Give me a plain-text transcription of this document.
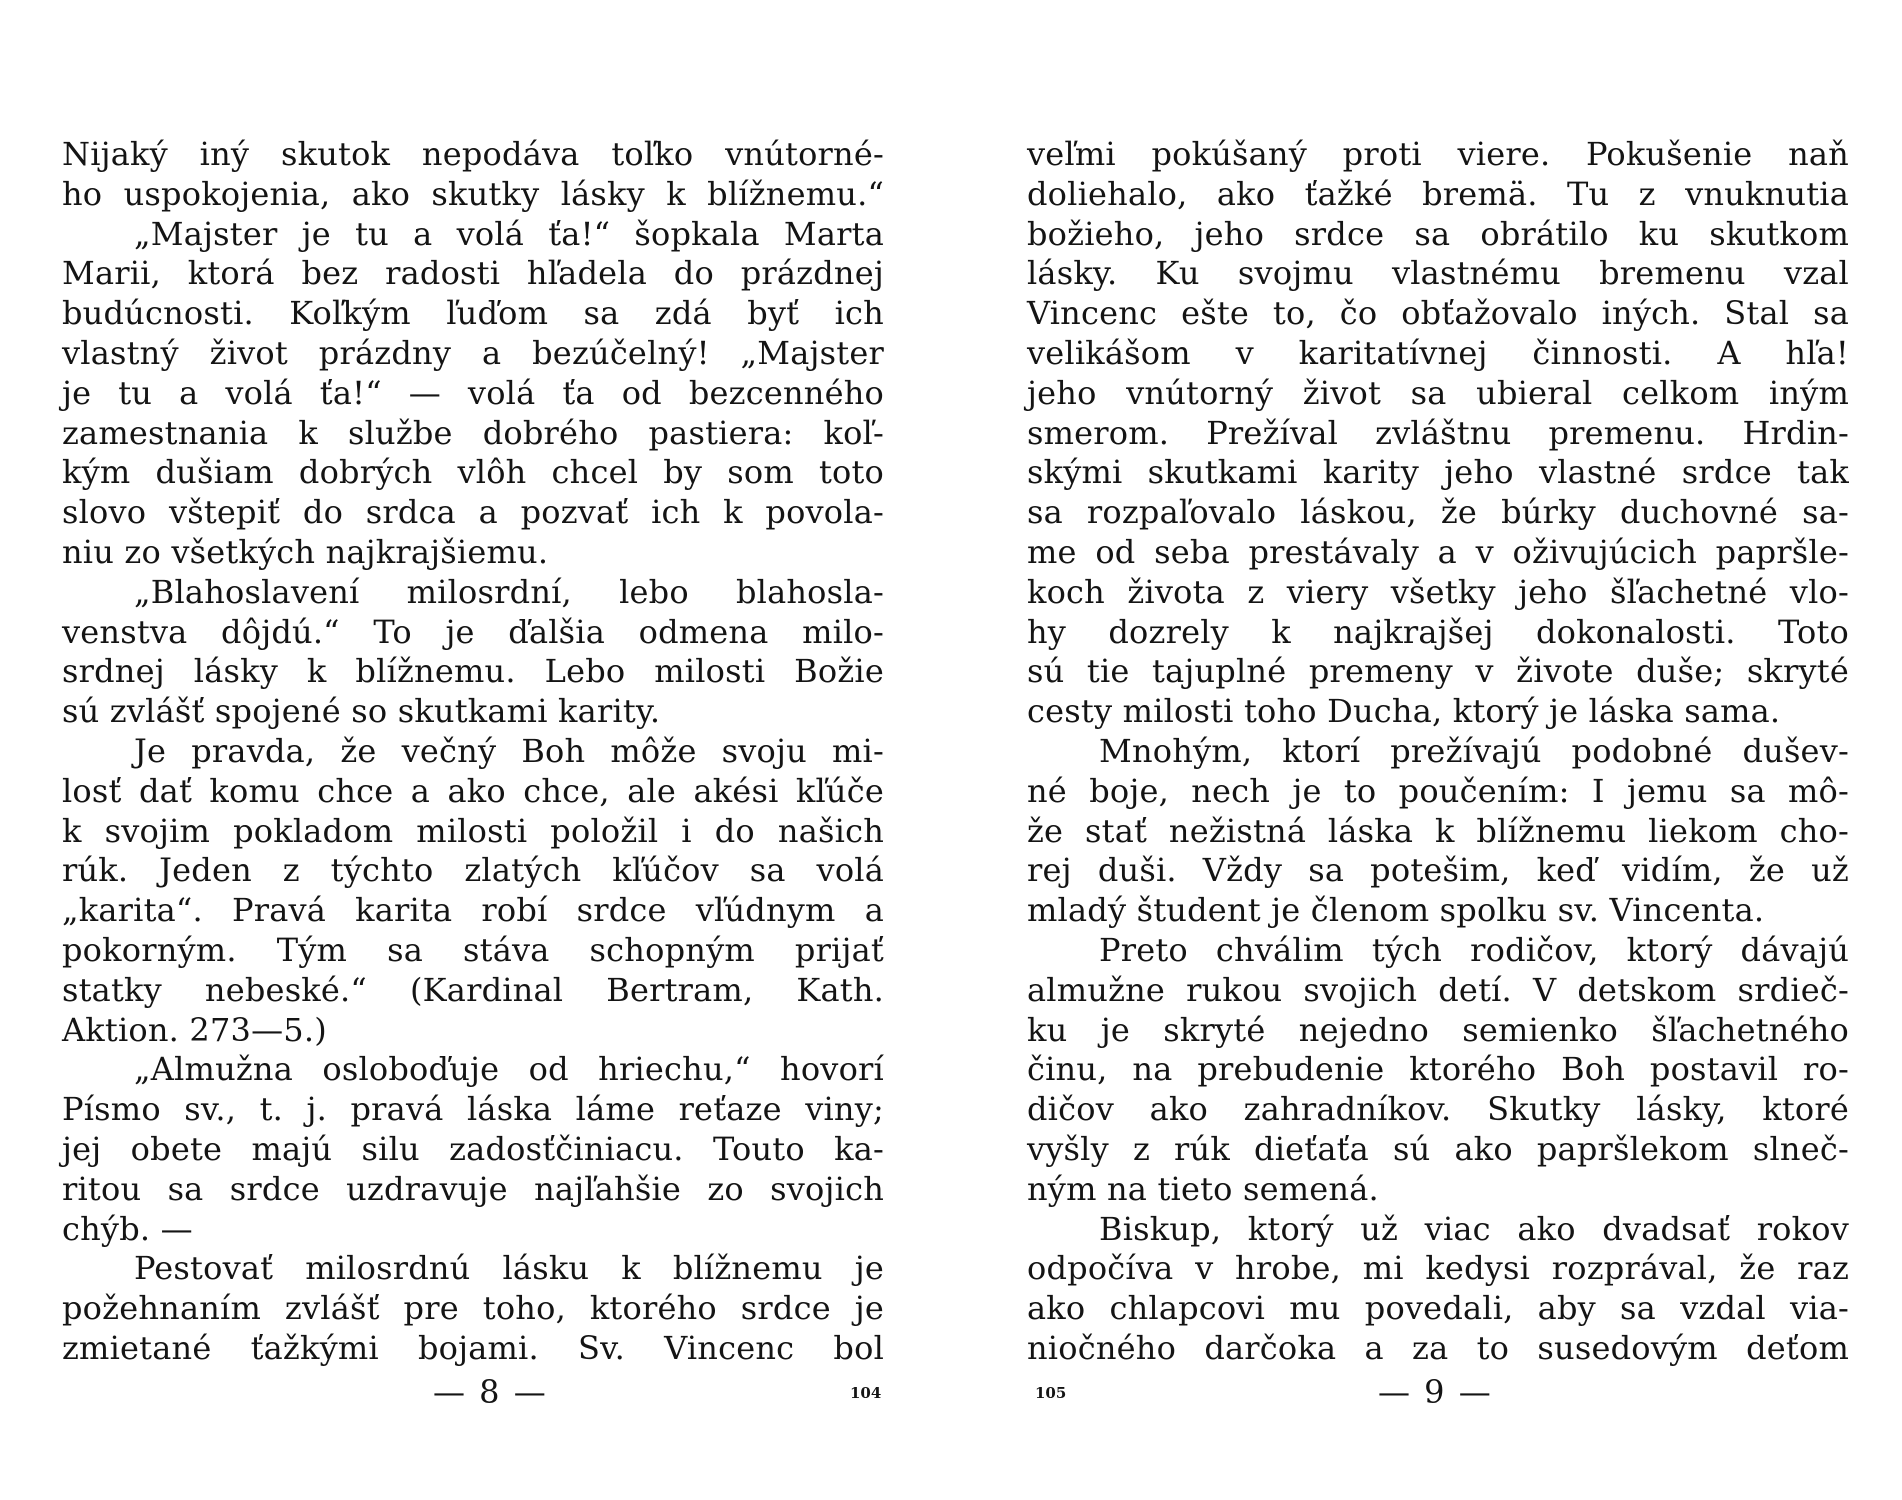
Nijaký iný skutok nepodáva toľko vnútorné-
ho uspokojenia, ako skutky lásky k blížnemu.“
„Majster je tu a volá ťa!“ šopkala Marta
Marii, ktorá bez radosti hľadela do prázdnej
budúcnosti. Koľkým ľuďom sa zdá byť ich
vlastný život prázdny a bezúčelný! „Majster
je tu a volá ťa!“ — volá ťa od bezcenného
zamestnania k službe dobrého pastiera: koľ-
kým dušiam dobrých vlôh chcel by som toto
slovo vštepiť do srdca a pozvať ich k povola-
niu zo všetkých najkrajšiemu.
„Blahoslavení milosrdní, lebo blahosla-
venstva dôjdú.“ To je ďalšia odmena milo-
srdnej lásky k blížnemu. Lebo milosti Božie
sú zvlášť spojené so skutkami karity.
Je pravda, že večný Boh môže svoju mi-
losť dať komu chce a ako chce, ale akési kľúče
k svojim pokladom milosti položil i do našich
rúk. Jeden z týchto zlatých kľúčov sa volá
„karita“. Pravá karita robí srdce vľúdnym a
pokorným. Tým sa stáva schopným prijať
statky nebeské.“ (Kardinal Bertram, Kath.
Aktion. 273—5.)
„Almužna osloboďuje od hriechu,“ hovorí
Písmo sv., t. j. pravá láska láme reťaze viny;
jej obete majú silu zadosťčiniacu. Touto ka-
ritou sa srdce uzdravuje najľahšie zo svojich
chýb. —
Pestovať milosrdnú lásku k blížnemu je
požehnaním zvlášť pre toho, ktorého srdce je
zmietané ťažkými bojami. Sv. Vincenc bol
— 8 —	104
veľmi pokúšaný proti viere. Pokušenie naň
doliehalo, ako ťažké bremä. Tu z vnuknutia
božieho, jeho srdce sa obrátilo ku skutkom
lásky. Ku svojmu vlastnému bremenu vzal
Vincenc ešte to, čo obťažovalo iných. Stal sa
velikášom v karitatívnej činnosti. A hľa!
jeho vnútorný život sa ubieral celkom iným
smerom. Prežíval zvláštnu premenu. Hrdin-
skými skutkami karity jeho vlastné srdce tak
sa rozpaľovalo láskou, že búrky duchovné sa-
me od seba prestávaly a v oživujúcich papršle-
koch života z viery všetky jeho šľachetné vlo-
hy dozrely k najkrajšej dokonalosti. Toto
sú tie tajuplné premeny v živote duše; skryté
cesty milosti toho Ducha, ktorý je láska sama.
Mnohým, ktorí prežívajú podobné dušev-
né boje, nech je to poučením: I jemu sa mô-
že stať nežistná láska k blížnemu liekom cho-
rej duši. Vždy sa potešim, keď vidím, že už
mladý študent je členom spolku sv. Vincenta.
Preto chválim tých rodičov, ktorý dávajú
almužne rukou svojich detí. V detskom srdieč-
ku je skryté nejedno semienko šľachetného
činu, na prebudenie ktorého Boh postavil ro-
dičov ako zahradníkov. Skutky lásky, ktoré
vyšly z rúk dieťaťa sú ako papršlekom slneč-
ným na tieto semená.
Biskup, ktorý už viac ako dvadsať rokov
odpočíva v hrobe, mi kedysi rozprával, že raz
ako chlapcovi mu povedali, aby sa vzdal via-
niočného darčoka a za to susedovým deťom
— 9 —
105
